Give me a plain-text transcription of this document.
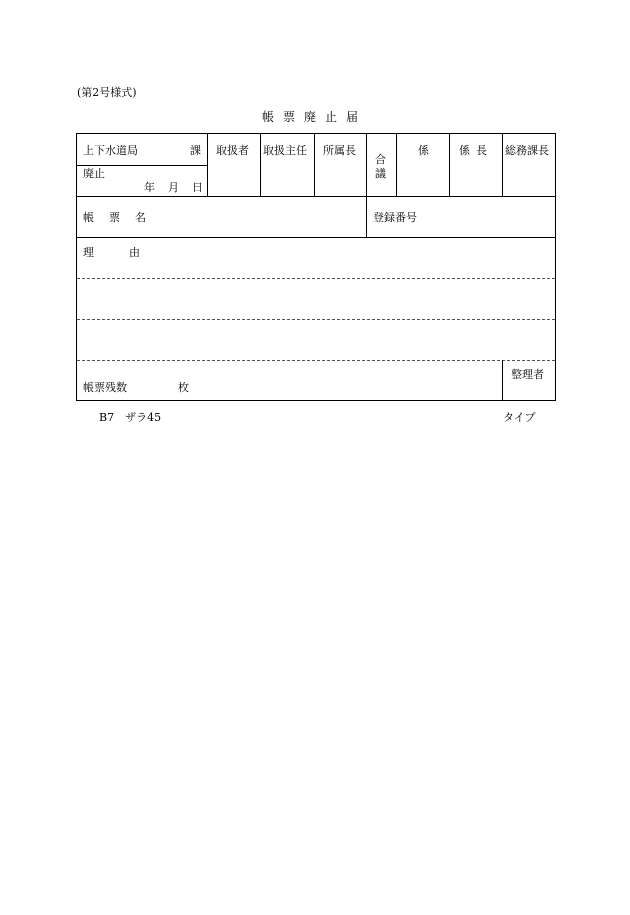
(第2号様式)
帳票廃止届
上下水道局	課
廃止
年 月 日
取扱者 取扱主任 所属長
合
議
係	係長 総務課長
帳票名	登録番号
理	由
帳票残数	枚
整理者
B7　ザラ45	タイプ
